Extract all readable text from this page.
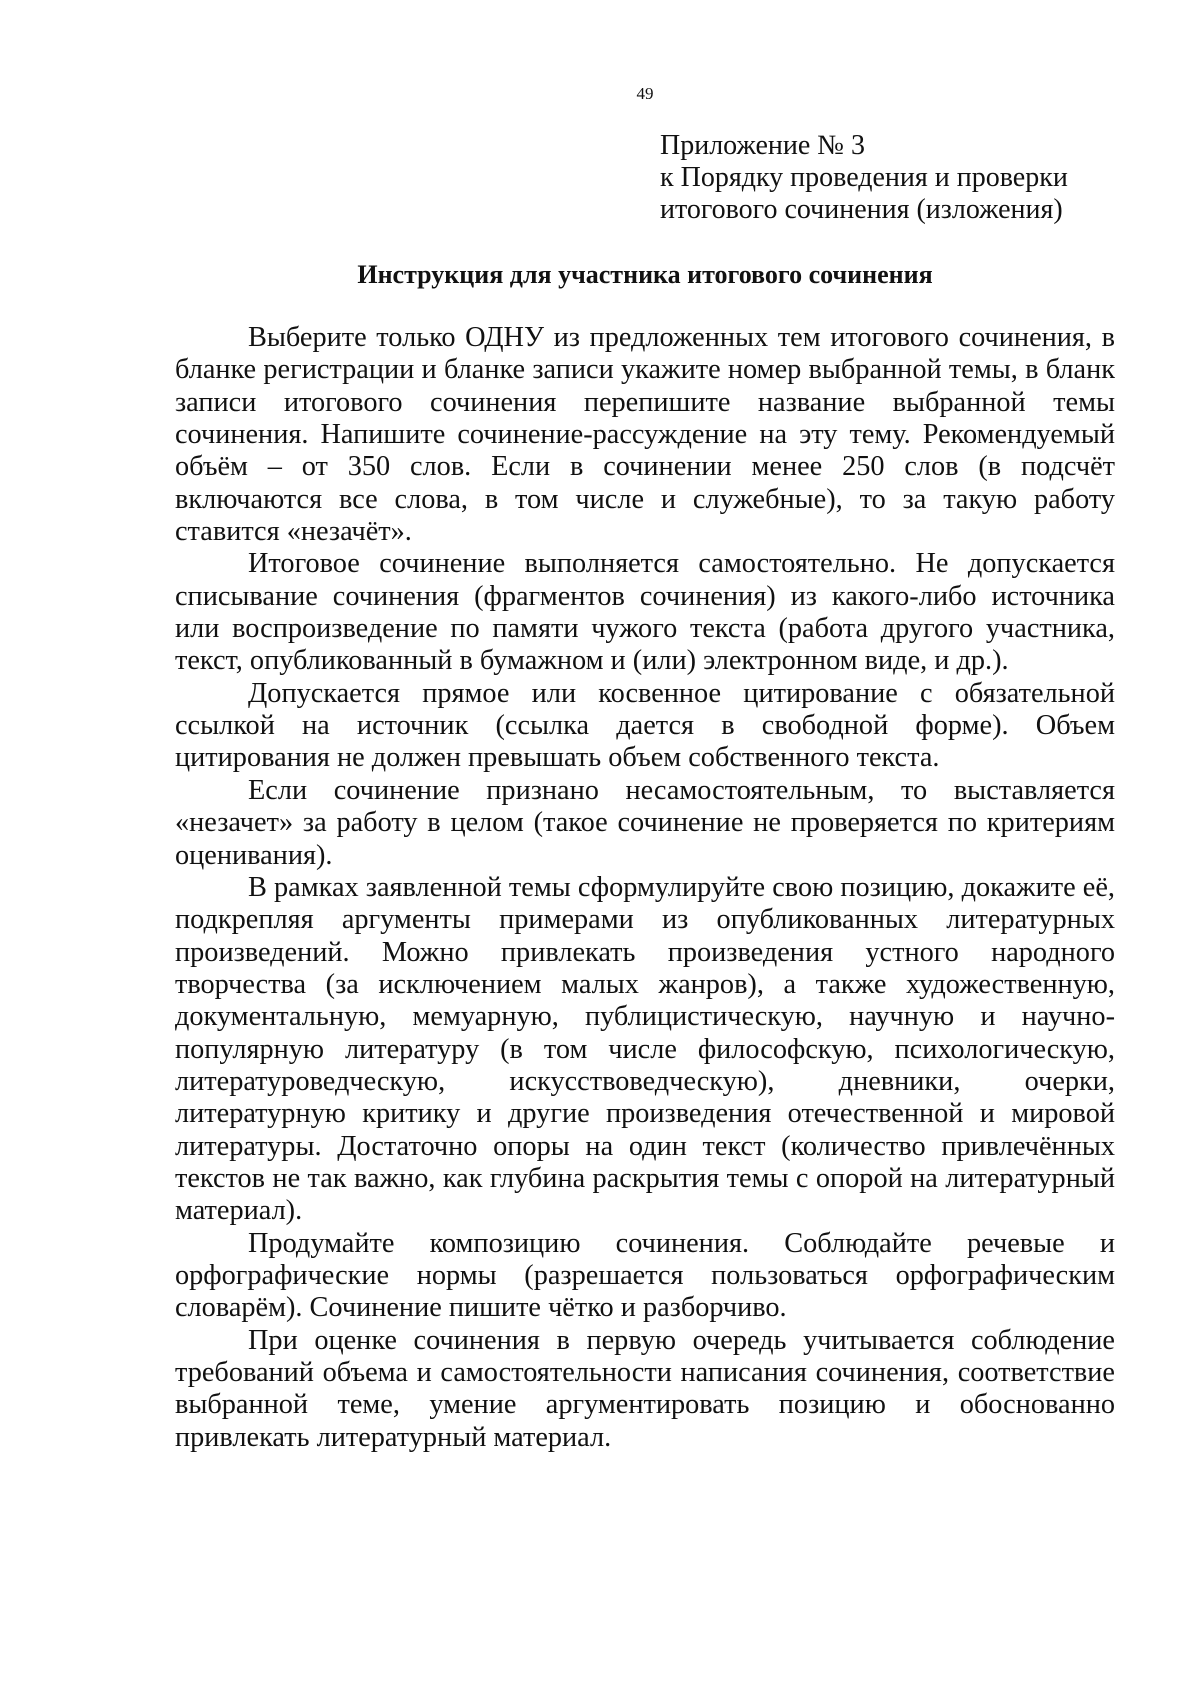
49
Приложение № 3
к Порядку проведения и проверки
итогового сочинения (изложения)
Инструкция для участника итогового сочинения

Выберите только ОДНУ из предложенных тем итогового сочинения, в бланке регистрации и бланке записи укажите номер выбранной темы, в бланк записи итогового сочинения перепишите название выбранной темы сочинения. Напишите сочинение-рассуждение на эту тему. Рекомендуемый объём – от 350 слов. Если в сочинении менее 250 слов (в подсчёт включаются все слова, в том числе и служебные), то за такую работу ставится «незачёт».

Итоговое сочинение выполняется самостоятельно. Не допускается списывание сочинения (фрагментов сочинения) из какого-либо источника или воспроизведение по памяти чужого текста (работа другого участника, текст, опубликованный в бумажном и (или) электронном виде, и др.).

Допускается прямое или косвенное цитирование с обязательной ссылкой на источник (ссылка дается в свободной форме). Объем цитирования не должен превышать объем собственного текста.

Если сочинение признано несамостоятельным, то выставляется «незачет» за работу в целом (такое сочинение не проверяется по критериям оценивания).

В рамках заявленной темы сформулируйте свою позицию, докажите её, подкрепляя аргументы примерами из опубликованных литературных произведений. Можно привлекать произведения устного народного творчества (за исключением малых жанров), а также художественную, документальную, мемуарную, публицистическую, научную и научно-популярную литературу (в том числе философскую, психологическую, литературоведческую, искусствоведческую), дневники, очерки, литературную критику и другие произведения отечественной и мировой литературы. Достаточно опоры на один текст (количество привлечённых текстов не так важно, как глубина раскрытия темы с опорой на литературный материал).

Продумайте композицию сочинения. Соблюдайте речевые и орфографические нормы (разрешается пользоваться орфографическим словарём). Сочинение пишите чётко и разборчиво.

При оценке сочинения в первую очередь учитывается соблюдение требований объема и самостоятельности написания сочинения, соответствие выбранной теме, умение аргументировать позицию и обоснованно привлекать литературный материал.
